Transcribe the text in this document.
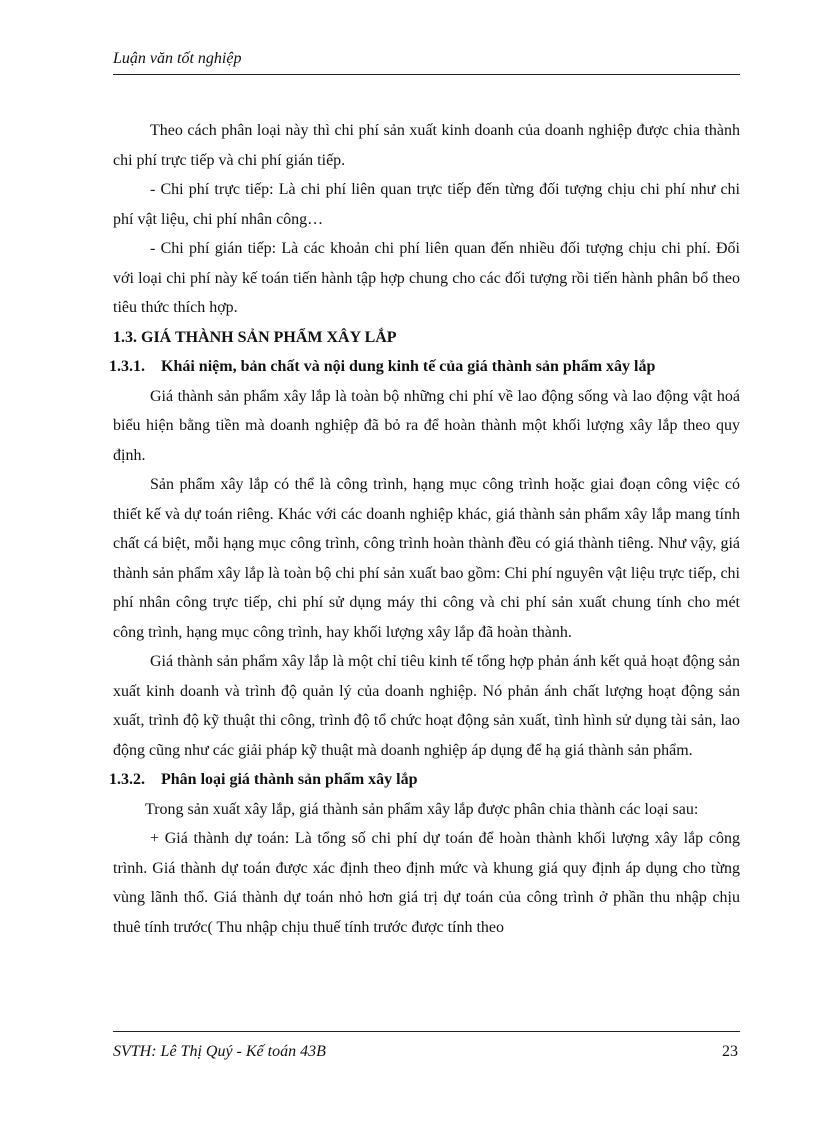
Luận văn tốt nghiệp

Theo cách phân loại này thì chi phí sản xuất kinh doanh của doanh nghiệp được chia thành chi phí trực tiếp và chi phí gián tiếp.

- Chi phí trực tiếp: Là chi phí liên quan trực tiếp đến từng đối tượng chịu chi phí như chi phí vật liệu, chi phí nhân công…

- Chi phí gián tiếp: Là các khoản chi phí liên quan đến nhiều đối tượng chịu chi phí. Đối với loại chi phí này kế toán tiến hành tập hợp chung cho các đối tượng rồi tiến hành phân bổ theo tiêu thức thích hợp.

1.3. GIÁ THÀNH SẢN PHẨM XÂY LẮP

1.3.1.	Khái niệm, bản chất và nội dung kinh tế của giá thành sản phẩm xây lắp

Giá thành sản phẩm xây lắp là toàn bộ những chi phí về lao động sống và lao động vật hoá biểu hiện bằng tiền mà doanh nghiệp đã bỏ ra để hoàn thành một khối lượng xây lắp theo quy định.

Sản phẩm xây lắp có thể là công trình, hạng mục công trình hoặc giai đoạn công việc có thiết kế và dự toán riêng. Khác với các doanh nghiệp khác, giá thành sản phẩm xây lắp mang tính chất cá biệt, mỗi hạng mục công trình, công trình hoàn thành đều có giá thành tiêng. Như vậy, giá thành sản phẩm xây lắp là toàn bộ chi phí sản xuất bao gồm: Chi phí nguyên vật liệu trực tiếp, chi phí nhân công trực tiếp, chi phí sử dụng máy thi công và chi phí sản xuất chung tính cho mét công trình, hạng mục công trình, hay khối lượng xây lắp đã hoàn thành.

Giá thành sản phẩm xây lắp là một chỉ tiêu kinh tế tổng hợp phản ánh kết quả hoạt động sản xuất kinh doanh và trình độ quản lý của doanh nghiệp. Nó phản ánh chất lượng hoạt động sản xuất, trình độ kỹ thuật thi công, trình độ tổ chức hoạt động sản xuất, tình hình sử dụng tài sản, lao động cũng như các giải pháp kỹ thuật mà doanh nghiệp áp dụng để hạ giá thành sản phẩm.

1.3.2.	Phân loại giá thành sản phẩm xây lắp

Trong sản xuất xây lắp, giá thành sản phẩm xây lắp được phân chia thành các loại sau:

+ Giá thành dự toán: Là tổng số chi phí dự toán để hoàn thành khối lượng xây lắp công trình. Giá thành dự toán được xác định theo định mức và khung giá quy định áp dụng cho từng vùng lãnh thổ. Giá thành dự toán nhỏ hơn giá trị dự toán của công trình ở phần thu nhập chịu thuê tính trước( Thu nhập chịu thuế tính trước được tính theo

SVTH: Lê Thị Quý - Kế toán 43B	23
